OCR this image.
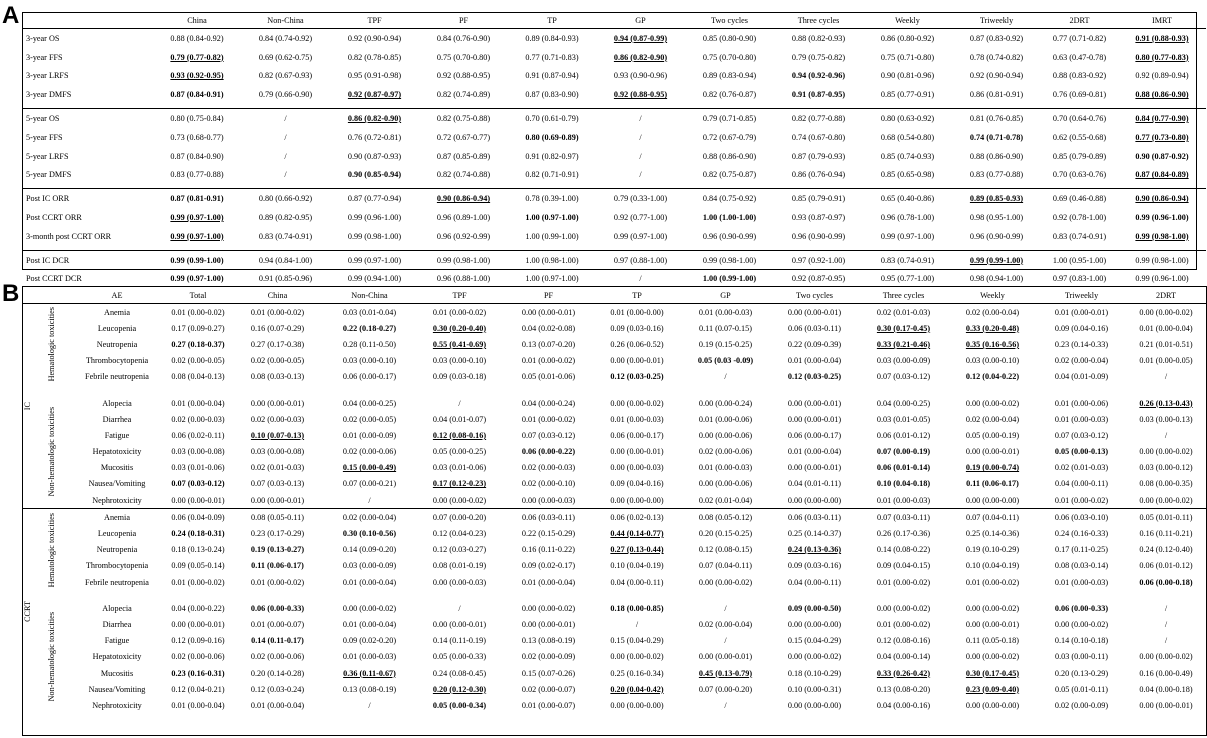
A
		China	Non-China	TPF	PF	TP	GP	Two cycles	Three cycles	Weekly	Triweekly	2DRT	IMRT
3-year OS	0.88 (0.84-0.92)	0.84 (0.74-0.92)	0.92 (0.90-0.94)	0.84 (0.76-0.90)	0.89 (0.84-0.93)	0.94 (0.87-0.99)	0.85 (0.80-0.90)	0.88 (0.82-0.93)	0.86 (0.80-0.92)	0.87 (0.83-0.92)	0.77 (0.71-0.82)	0.91 (0.88-0.93)
3-year FFS	0.79 (0.77-0.82)	0.69 (0.62-0.75)	0.82 (0.78-0.85)	0.75 (0.70-0.80)	0.77 (0.71-0.83)	0.86 (0.82-0.90)	0.75 (0.70-0.80)	0.79 (0.75-0.82)	0.75 (0.71-0.80)	0.78 (0.74-0.82)	0.63 (0.47-0.78)	0.80 (0.77-0.83)
3-year LRFS	0.93 (0.92-0.95)	0.82 (0.67-0.93)	0.95 (0.91-0.98)	0.92 (0.88-0.95)	0.91 (0.87-0.94)	0.93 (0.90-0.96)	0.89 (0.83-0.94)	0.94 (0.92-0.96)	0.90 (0.81-0.96)	0.92 (0.90-0.94)	0.88 (0.83-0.92)	0.92 (0.89-0.94)
3-year DMFS	0.87 (0.84-0.91)	0.79 (0.66-0.90)	0.92 (0.87-0.97)	0.82 (0.74-0.89)	0.87 (0.83-0.90)	0.92 (0.88-0.95)	0.82 (0.76-0.87)	0.91 (0.87-0.95)	0.85 (0.77-0.91)	0.86 (0.81-0.91)	0.76 (0.69-0.81)	0.88 (0.86-0.90)

5-year OS	0.80 (0.75-0.84)	/	0.86 (0.82-0.90)	0.82 (0.75-0.88)	0.70 (0.61-0.79)	/	0.79 (0.71-0.85)	0.82 (0.77-0.88)	0.80 (0.63-0.92)	0.81 (0.76-0.85)	0.70 (0.64-0.76)	0.84 (0.77-0.90)
5-year FFS	0.73 (0.68-0.77)	/	0.76 (0.72-0.81)	0.72 (0.67-0.77)	0.80 (0.69-0.89)	/	0.72 (0.67-0.79)	0.74 (0.67-0.80)	0.68 (0.54-0.80)	0.74 (0.71-0.78)	0.62 (0.55-0.68)	0.77 (0.73-0.80)
5-year LRFS	0.87 (0.84-0.90)	/	0.90 (0.87-0.93)	0.87 (0.85-0.89)	0.91 (0.82-0.97)	/	0.88 (0.86-0.90)	0.87 (0.79-0.93)	0.85 (0.74-0.93)	0.88 (0.86-0.90)	0.85 (0.79-0.89)	0.90 (0.87-0.92)
5-year DMFS	0.83 (0.77-0.88)	/	0.90 (0.85-0.94)	0.82 (0.74-0.88)	0.82 (0.71-0.91)	/	0.82 (0.75-0.87)	0.86 (0.76-0.94)	0.85 (0.65-0.98)	0.83 (0.77-0.88)	0.70 (0.63-0.76)	0.87 (0.84-0.89)

Post IC ORR	0.87 (0.81-0.91)	0.80 (0.66-0.92)	0.87 (0.77-0.94)	0.90 (0.86-0.94)	0.78 (0.39-1.00)	0.79 (0.33-1.00)	0.84 (0.75-0.92)	0.85 (0.79-0.91)	0.65 (0.40-0.86)	0.89 (0.85-0.93)	0.69 (0.46-0.88)	0.90 (0.86-0.94)
Post CCRT ORR	0.99 (0.97-1.00)	0.89 (0.82-0.95)	0.99 (0.96-1.00)	0.96 (0.89-1.00)	1.00 (0.97-1.00)	0.92 (0.77-1.00)	1.00 (1.00-1.00)	0.93 (0.87-0.97)	0.96 (0.78-1.00)	0.98 (0.95-1.00)	0.92 (0.78-1.00)	0.99 (0.96-1.00)
3-month post CCRT ORR	0.99 (0.97-1.00)	0.83 (0.74-0.91)	0.99 (0.98-1.00)	0.96 (0.92-0.99)	1.00 (0.99-1.00)	0.99 (0.97-1.00)	0.96 (0.90-0.99)	0.96 (0.90-0.99)	0.99 (0.97-1.00)	0.96 (0.90-0.99)	0.83 (0.74-0.91)	0.99 (0.98-1.00)

Post IC DCR	0.99 (0.99-1.00)	0.94 (0.84-1.00)	0.99 (0.97-1.00)	0.99 (0.98-1.00)	1.00 (0.98-1.00)	0.97 (0.88-1.00)	0.99 (0.98-1.00)	0.97 (0.92-1.00)	0.83 (0.74-0.91)	0.99 (0.99-1.00)	1.00 (0.95-1.00)	0.99 (0.98-1.00)
Post CCRT DCR	0.99 (0.97-1.00)	0.91 (0.85-0.96)	0.99 (0.94-1.00)	0.96 (0.88-1.00)	1.00 (0.97-1.00)	/	1.00 (0.99-1.00)	0.92 (0.87-0.95)	0.95 (0.77-1.00)	0.98 (0.94-1.00)	0.97 (0.83-1.00)	0.99 (0.96-1.00)
B
		AE	Total	China	Non-China	TPF	PF	TP	GP	Two cycles	Three cycles	Weekly	Triweekly	2DRT	

IC	Hematologic toxicities	Anemia	0.01 (0.00-0.02)	0.01 (0.00-0.02)	0.03 (0.01-0.04)	0.01 (0.00-0.02)	0.00 (0.00-0.01)	0.01 (0.00-0.00)	0.01 (0.00-0.03)	0.00 (0.00-0.01)	0.02 (0.01-0.03)	0.02 (0.00-0.04)	0.01 (0.00-0.01)	0.00 (0.00-0.02)	
		Leucopenia	0.17 (0.09-0.27)	0.16 (0.07-0.29)	0.22 (0.18-0.27)	0.30 (0.20-0.40)	0.04 (0.02-0.08)	0.09 (0.03-0.16)	0.11 (0.07-0.15)	0.06 (0.03-0.11)	0.30 (0.17-0.45)	0.33 (0.20-0.48)	0.09 (0.04-0.16)	0.01 (0.00-0.04)	
		Neutropenia	0.27 (0.18-0.37)	0.27 (0.17-0.38)	0.28 (0.11-0.50)	0.55 (0.41-0.69)	0.13 (0.07-0.20)	0.26 (0.06-0.52)	0.19 (0.15-0.25)	0.22 (0.09-0.39)	0.33 (0.21-0.46)	0.35 (0.16-0.56)	0.23 (0.14-0.33)	0.21 (0.01-0.51)	
		Thrombocytopenia	0.02 (0.00-0.05)	0.02 (0.00-0.05)	0.03 (0.00-0.10)	0.03 (0.00-0.10)	0.01 (0.00-0.02)	0.00 (0.00-0.01)	0.05 (0.03 -0.09)	0.01 (0.00-0.04)	0.03 (0.00-0.09)	0.03 (0.00-0.10)	0.02 (0.00-0.04)	0.01 (0.00-0.05)	
		Febrile neutropenia	0.08 (0.04-0.13)	0.08 (0.03-0.13)	0.06 (0.00-0.17)	0.09 (0.03-0.18)	0.05 (0.01-0.06)	0.12 (0.03-0.25)	/	0.12 (0.03-0.25)	0.07 (0.03-0.12)	0.12 (0.04-0.22)	0.04 (0.01-0.09)	/	

	Non-hematologic toxicities	Alopecia	0.01 (0.00-0.04)	0.00 (0.00-0.01)	0.04 (0.00-0.25)	/	0.04 (0.00-0.24)	0.00 (0.00-0.02)	0.00 (0.00-0.24)	0.00 (0.00-0.01)	0.04 (0.00-0.25)	0.00 (0.00-0.02)	0.01 (0.00-0.06)	0.26 (0.13-0.43)	
		Diarrhea	0.02 (0.00-0.03)	0.02 (0.00-0.03)	0.02 (0.00-0.05)	0.04 (0.01-0.07)	0.01 (0.00-0.02)	0.01 (0.00-0.03)	0.01 (0.00-0.06)	0.00 (0.00-0.01)	0.03 (0.01-0.05)	0.02 (0.00-0.04)	0.01 (0.00-0.03)	0.03 (0.00-0.13)	
		Fatigue	0.06 (0.02-0.11)	0.10 (0.07-0.13)	0.01 (0.00-0.09)	0.12 (0.08-0.16)	0.07 (0.03-0.12)	0.06 (0.00-0.17)	0.00 (0.00-0.06)	0.06 (0.00-0.17)	0.06 (0.01-0.12)	0.05 (0.00-0.19)	0.07 (0.03-0.12)	/	
		Hepatotoxicity	0.03 (0.00-0.08)	0.03 (0.00-0.08)	0.02 (0.00-0.06)	0.05 (0.00-0.25)	0.06 (0.00-0.22)	0.00 (0.00-0.01)	0.02 (0.00-0.06)	0.01 (0.00-0.04)	0.07 (0.00-0.19)	0.00 (0.00-0.01)	0.05 (0.00-0.13)	0.00 (0.00-0.02)	
		Mucositis	0.03 (0.01-0.06)	0.02 (0.01-0.03)	0.15 (0.00-0.49)	0.03 (0.01-0.06)	0.02 (0.00-0.03)	0.00 (0.00-0.03)	0.01 (0.00-0.03)	0.00 (0.00-0.01)	0.06 (0.01-0.14)	0.19 (0.00-0.74)	0.02 (0.01-0.03)	0.03 (0.00-0.12)	
		Nausea/Vomiting	0.07 (0.03-0.12)	0.07 (0.03-0.13)	0.07 (0.00-0.21)	0.17 (0.12-0.23)	0.02 (0.00-0.10)	0.09 (0.04-0.16)	0.00 (0.00-0.06)	0.04 (0.01-0.11)	0.10 (0.04-0.18)	0.11 (0.06-0.17)	0.04 (0.00-0.11)	0.08 (0.00-0.35)	
		Nephrotoxicity	0.00 (0.00-0.01)	0.00 (0.00-0.01)	/	0.00 (0.00-0.02)	0.00 (0.00-0.03)	0.00 (0.00-0.00)	0.02 (0.01-0.04)	0.00 (0.00-0.00)	0.01 (0.00-0.03)	0.00 (0.00-0.00)	0.01 (0.00-0.02)	0.00 (0.00-0.02)	

CCRT	Hematologic toxicities	Anemia	0.06 (0.04-0.09)	0.08 (0.05-0.11)	0.02 (0.00-0.04)	0.07 (0.00-0.20)	0.06 (0.03-0.11)	0.06 (0.02-0.13)	0.08 (0.05-0.12)	0.06 (0.03-0.11)	0.07 (0.03-0.11)	0.07 (0.04-0.11)	0.06 (0.03-0.10)	0.05 (0.01-0.11)	
		Leucopenia	0.24 (0.18-0.31)	0.23 (0.17-0.29)	0.30 (0.10-0.56)	0.12 (0.04-0.23)	0.22 (0.15-0.29)	0.44 (0.14-0.77)	0.20 (0.15-0.25)	0.25 (0.14-0.37)	0.26 (0.17-0.36)	0.25 (0.14-0.36)	0.24 (0.16-0.33)	0.16 (0.11-0.21)	
		Neutropenia	0.18 (0.13-0.24)	0.19 (0.13-0.27)	0.14 (0.09-0.20)	0.12 (0.03-0.27)	0.16 (0.11-0.22)	0.27 (0.13-0.44)	0.12 (0.08-0.15)	0.24 (0.13-0.36)	0.14 (0.08-0.22)	0.19 (0.10-0.29)	0.17 (0.11-0.25)	0.24 (0.12-0.40)	
		Thrombocytopenia	0.09 (0.05-0.14)	0.11 (0.06-0.17)	0.03 (0.00-0.09)	0.08 (0.01-0.19)	0.09 (0.02-0.17)	0.10 (0.04-0.19)	0.07 (0.04-0.11)	0.09 (0.03-0.16)	0.09 (0.04-0.15)	0.10 (0.04-0.19)	0.08 (0.03-0.14)	0.06 (0.01-0.12)	
		Febrile neutropenia	0.01 (0.00-0.02)	0.01 (0.00-0.02)	0.01 (0.00-0.04)	0.00 (0.00-0.03)	0.01 (0.00-0.04)	0.04 (0.00-0.11)	0.00 (0.00-0.02)	0.04 (0.00-0.11)	0.01 (0.00-0.02)	0.01 (0.00-0.02)	0.01 (0.00-0.03)	0.06 (0.00-0.18)	

	Non-hematologic toxicities	Alopecia	0.04 (0.00-0.22)	0.06 (0.00-0.33)	0.00 (0.00-0.02)	/	0.00 (0.00-0.02)	0.18 (0.00-0.85)	/	0.09 (0.00-0.50)	0.00 (0.00-0.02)	0.00 (0.00-0.02)	0.06 (0.00-0.33)	/	
		Diarrhea	0.00 (0.00-0.01)	0.01 (0.00-0.07)	0.01 (0.00-0.04)	0.00 (0.00-0.01)	0.00 (0.00-0.01)	/	0.02 (0.00-0.04)	0.00 (0.00-0.00)	0.01 (0.00-0.02)	0.00 (0.00-0.01)	0.00 (0.00-0.02)	/	
		Fatigue	0.12 (0.09-0.16)	0.14 (0.11-0.17)	0.09 (0.02-0.20)	0.14 (0.11-0.19)	0.13 (0.08-0.19)	0.15 (0.04-0.29)	/	0.15 (0.04-0.29)	0.12 (0.08-0.16)	0.11 (0.05-0.18)	0.14 (0.10-0.18)	/	
		Hepatotoxicity	0.02 (0.00-0.06)	0.02 (0.00-0.06)	0.01 (0.00-0.03)	0.05 (0.00-0.33)	0.02 (0.00-0.09)	0.00 (0.00-0.02)	0.00 (0.00-0.01)	0.00 (0.00-0.02)	0.04 (0.00-0.14)	0.00 (0.00-0.02)	0.03 (0.00-0.11)	0.00 (0.00-0.02)	
		Mucositis	0.23 (0.16-0.31)	0.20 (0.14-0.28)	0.36 (0.11-0.67)	0.24 (0.08-0.45)	0.15 (0.07-0.26)	0.25 (0.16-0.34)	0.45 (0.13-0.79)	0.18 (0.10-0.29)	0.33 (0.26-0.42)	0.30 (0.17-0.45)	0.20 (0.13-0.29)	0.16 (0.00-0.49)	
		Nausea/Vomiting	0.12 (0.04-0.21)	0.12 (0.03-0.24)	0.13 (0.08-0.19)	0.20 (0.12-0.30)	0.02 (0.00-0.07)	0.20 (0.04-0.42)	0.07 (0.00-0.20)	0.10 (0.00-0.31)	0.13 (0.08-0.20)	0.23 (0.09-0.40)	0.05 (0.01-0.11)	0.04 (0.00-0.18)	
		Nephrotoxicity	0.01 (0.00-0.04)	0.01 (0.00-0.04)	/	0.05 (0.00-0.34)	0.01 (0.00-0.07)	0.00 (0.00-0.00)	/	0.00 (0.00-0.00)	0.04 (0.00-0.16)	0.00 (0.00-0.00)	0.02 (0.00-0.09)	0.00 (0.00-0.01)	
